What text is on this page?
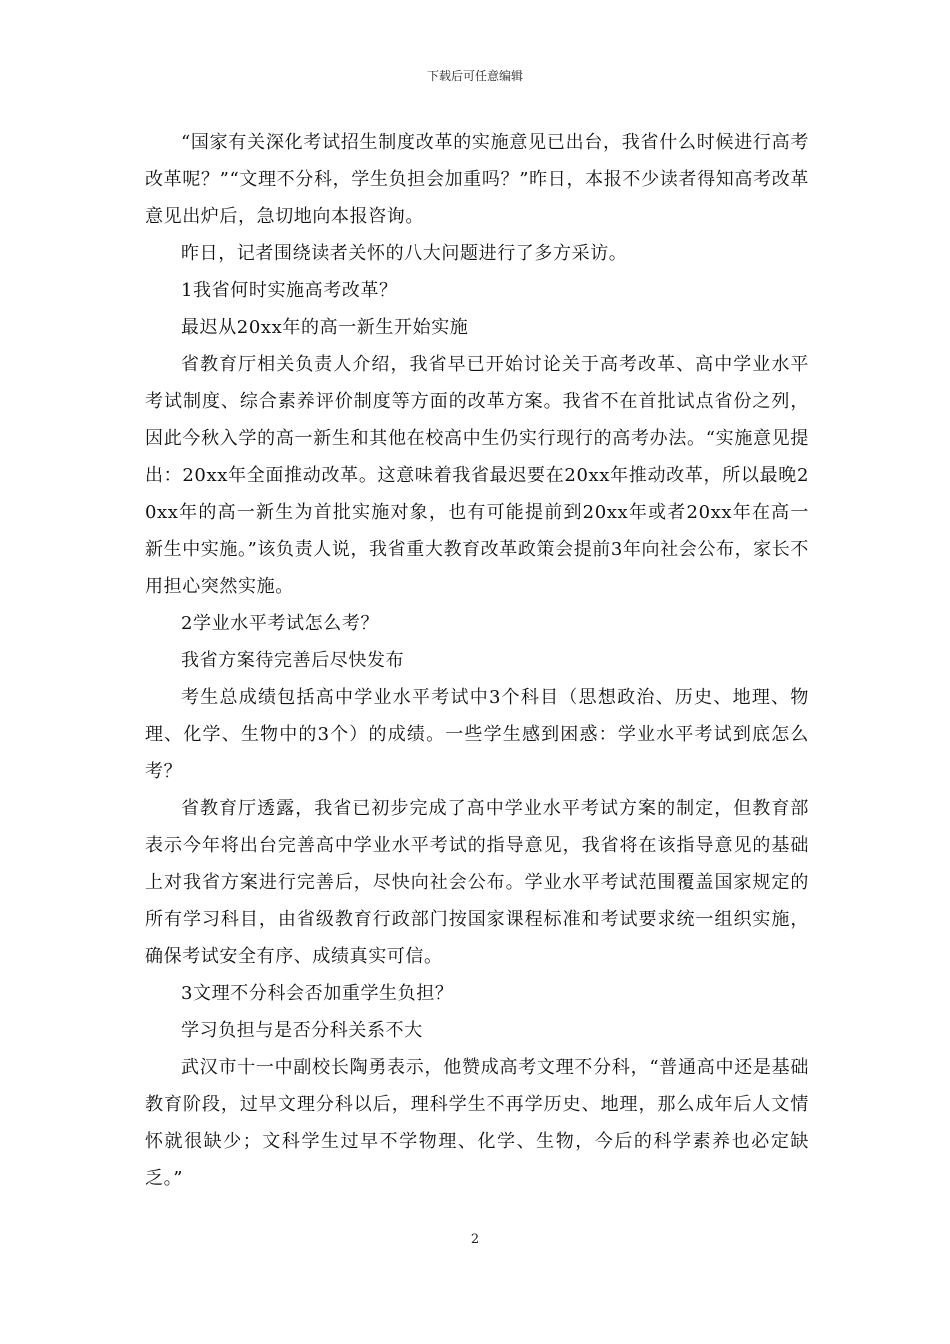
下载后可任意编辑

“国家有关深化考试招生制度改革的实施意见已出台，我省什么时候进行高考改革呢？”“文理不分科，学生负担会加重吗？”昨日，本报不少读者得知高考改革意见出炉后，急切地向本报咨询。

昨日，记者围绕读者关怀的八大问题进行了多方采访。

1我省何时实施高考改革？

最迟从20xx年的高一新生开始实施

省教育厅相关负责人介绍，我省早已开始讨论关于高考改革、高中学业水平考试制度、综合素养评价制度等方面的改革方案。我省不在首批试点省份之列，因此今秋入学的高一新生和其他在校高中生仍实行现行的高考办法。“实施意见提出：20xx年全面推动改革。这意味着我省最迟要在20xx年推动改革，所以最晚20xx年的高一新生为首批实施对象，也有可能提前到20xx年或者20xx年在高一新生中实施。”该负责人说，我省重大教育改革政策会提前3年向社会公布，家长不用担心突然实施。

2学业水平考试怎么考？

我省方案待完善后尽快发布

考生总成绩包括高中学业水平考试中3个科目（思想政治、历史、地理、物理、化学、生物中的3个）的成绩。一些学生感到困惑：学业水平考试到底怎么考？

省教育厅透露，我省已初步完成了高中学业水平考试方案的制定，但教育部表示今年将出台完善高中学业水平考试的指导意见，我省将在该指导意见的基础上对我省方案进行完善后，尽快向社会公布。学业水平考试范围覆盖国家规定的所有学习科目，由省级教育行政部门按国家课程标准和考试要求统一组织实施，确保考试安全有序、成绩真实可信。

3文理不分科会否加重学生负担？

学习负担与是否分科关系不大

武汉市十一中副校长陶勇表示，他赞成高考文理不分科，“普通高中还是基础教育阶段，过早文理分科以后，理科学生不再学历史、地理，那么成年后人文情怀就很缺少；文科学生过早不学物理、化学、生物，今后的科学素养也必定缺乏。”

2
